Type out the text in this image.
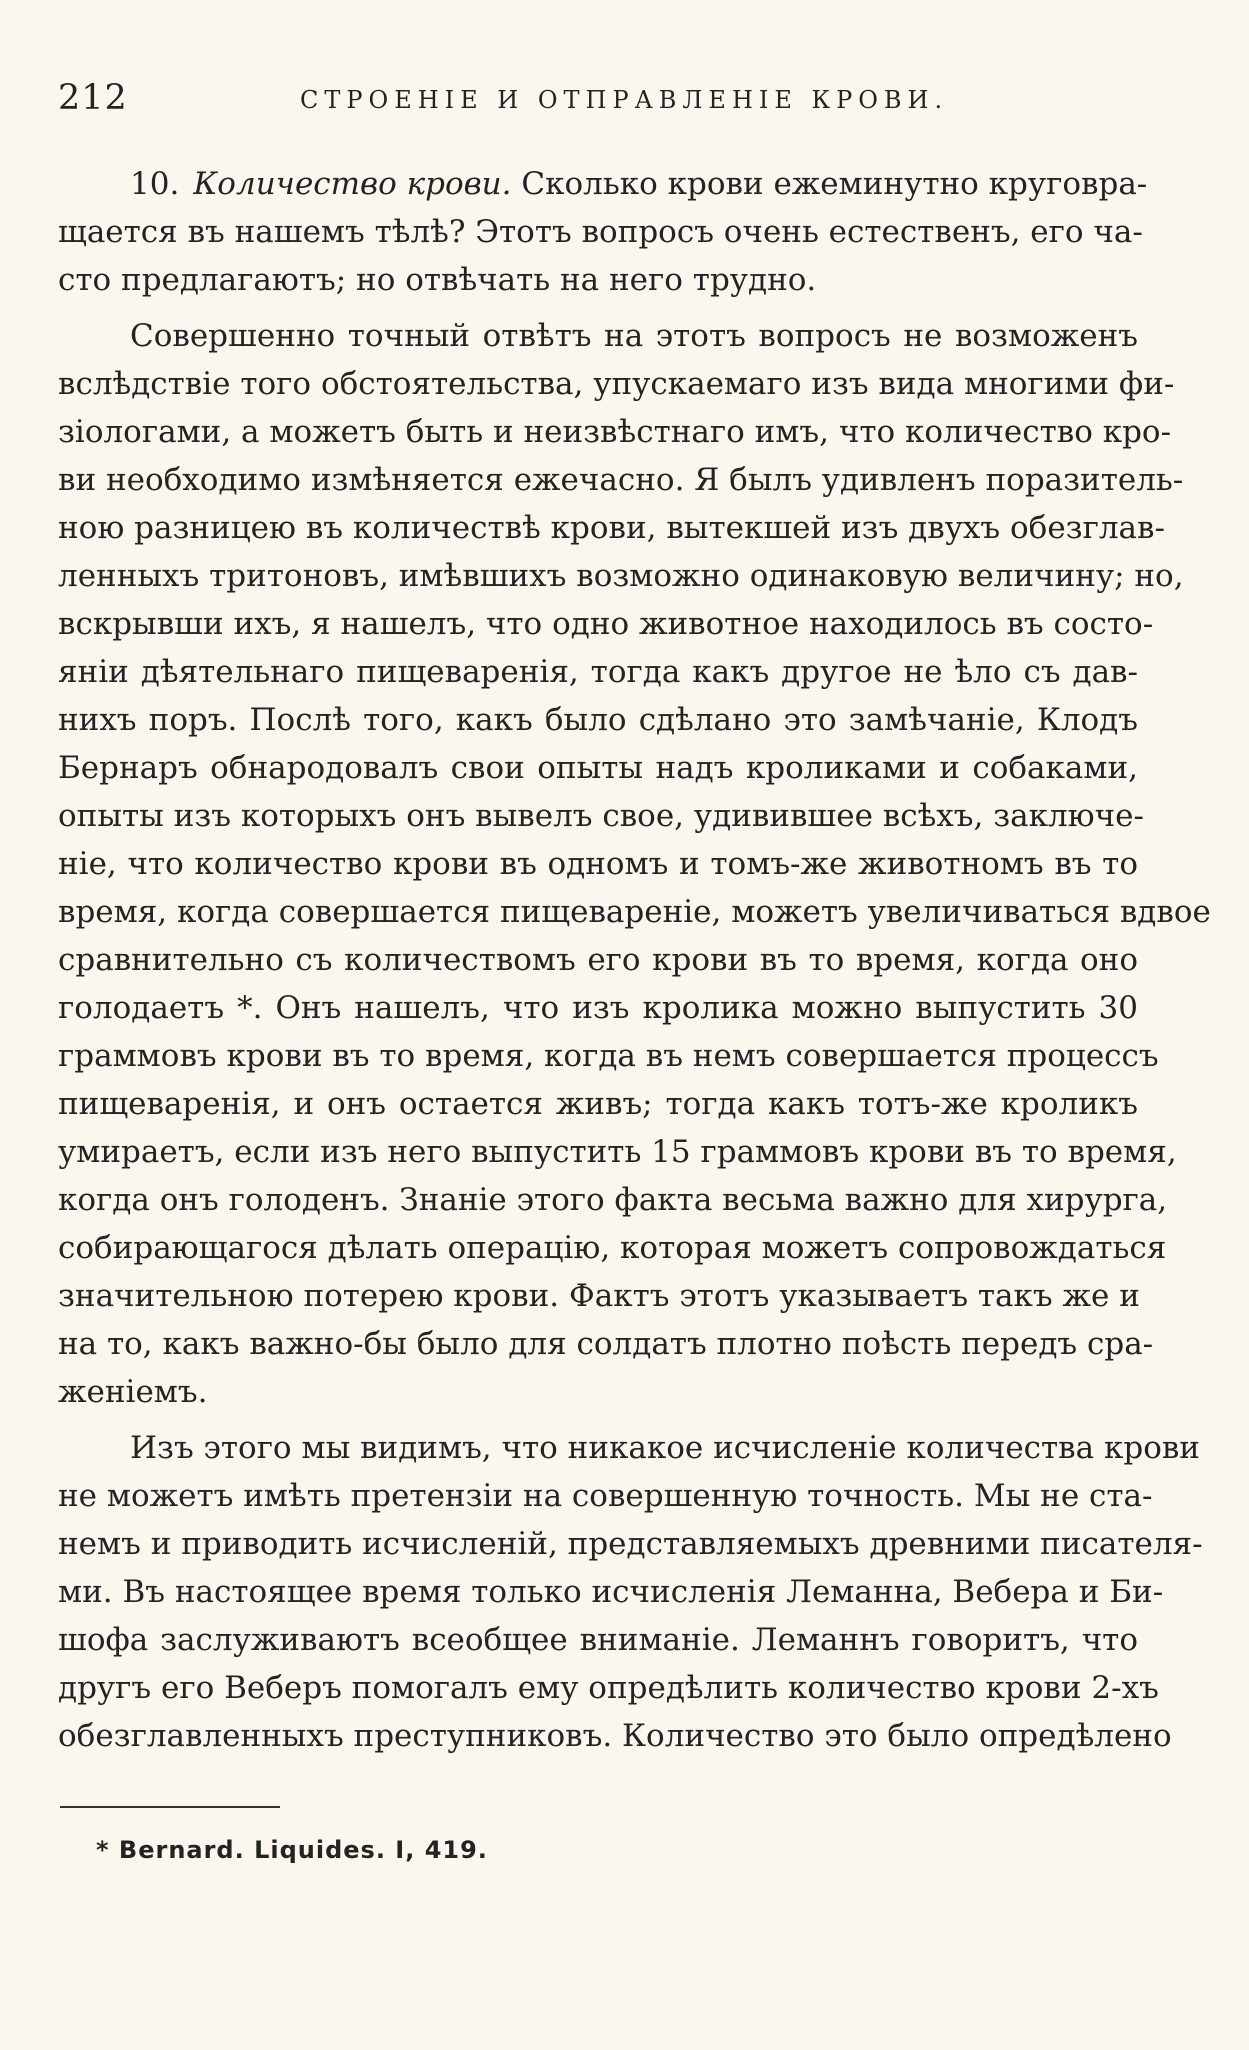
212	СТРОЕНІЕ И ОТПРАВЛЕНІЕ КРОВИ.
10. Количество крови. Сколько крови ежеминутно круговра-
щается въ нашемъ тѣлѣ? Этотъ вопросъ очень естественъ, его ча-
сто предлагаютъ; но отвѣчать на него трудно.
Совершенно точный отвѣтъ на этотъ вопросъ не возможенъ
вслѣдствіе того обстоятельства, упускаемаго изъ вида многими фи-
зіологами, а можетъ быть и неизвѣстнаго имъ, что количество кро-
ви необходимо измѣняется ежечасно. Я былъ удивленъ поразитель-
ною разницею въ количествѣ крови, вытекшей изъ двухъ обезглав-
ленныхъ тритоновъ, имѣвшихъ возможно одинаковую величину; но,
вскрывши ихъ, я нашелъ, что одно животное находилось въ состо-
яніи дѣятельнаго пищеваренія, тогда какъ другое не ѣло съ дав-
нихъ поръ. Послѣ того, какъ было сдѣлано это замѣчаніе, Клодъ
Бернаръ обнародовалъ свои опыты надъ кроликами и собаками,
опыты изъ которыхъ онъ вывелъ свое, удивившее всѣхъ, заключе-
ніе, что количество крови въ одномъ и томъ-же животномъ въ то
время, когда совершается пищевареніе, можетъ увеличиваться вдвое
сравнительно съ количествомъ его крови въ то время, когда оно
голодаетъ *. Онъ нашелъ, что изъ кролика можно выпустить 30
граммовъ крови въ то время, когда въ немъ совершается процессъ
пищеваренія, и онъ остается живъ; тогда какъ тотъ-же кроликъ
умираетъ, если изъ него выпустить 15 граммовъ крови въ то время,
когда онъ голоденъ. Знаніе этого факта весьма важно для хирурга,
собирающагося дѣлать операцію, которая можетъ сопровождаться
значительною потерею крови. Фактъ этотъ указываетъ такъ же и
на то, какъ важно-бы было для солдатъ плотно поѣсть передъ сра-
женіемъ.
Изъ этого мы видимъ, что никакое исчисленіе количества крови
не можетъ имѣть претензіи на совершенную точность. Мы не ста-
немъ и приводить исчисленій, представляемыхъ древними писателя-
ми. Въ настоящее время только исчисленія Леманна, Вебера и Би-
шофа заслуживаютъ всеобщее вниманіе. Леманнъ говоритъ, что
другъ его Веберъ помогалъ ему опредѣлить количество крови 2-хъ
обезглавленныхъ преступниковъ. Количество это было опредѣлено
* Bernard. Liquides. I, 419.
